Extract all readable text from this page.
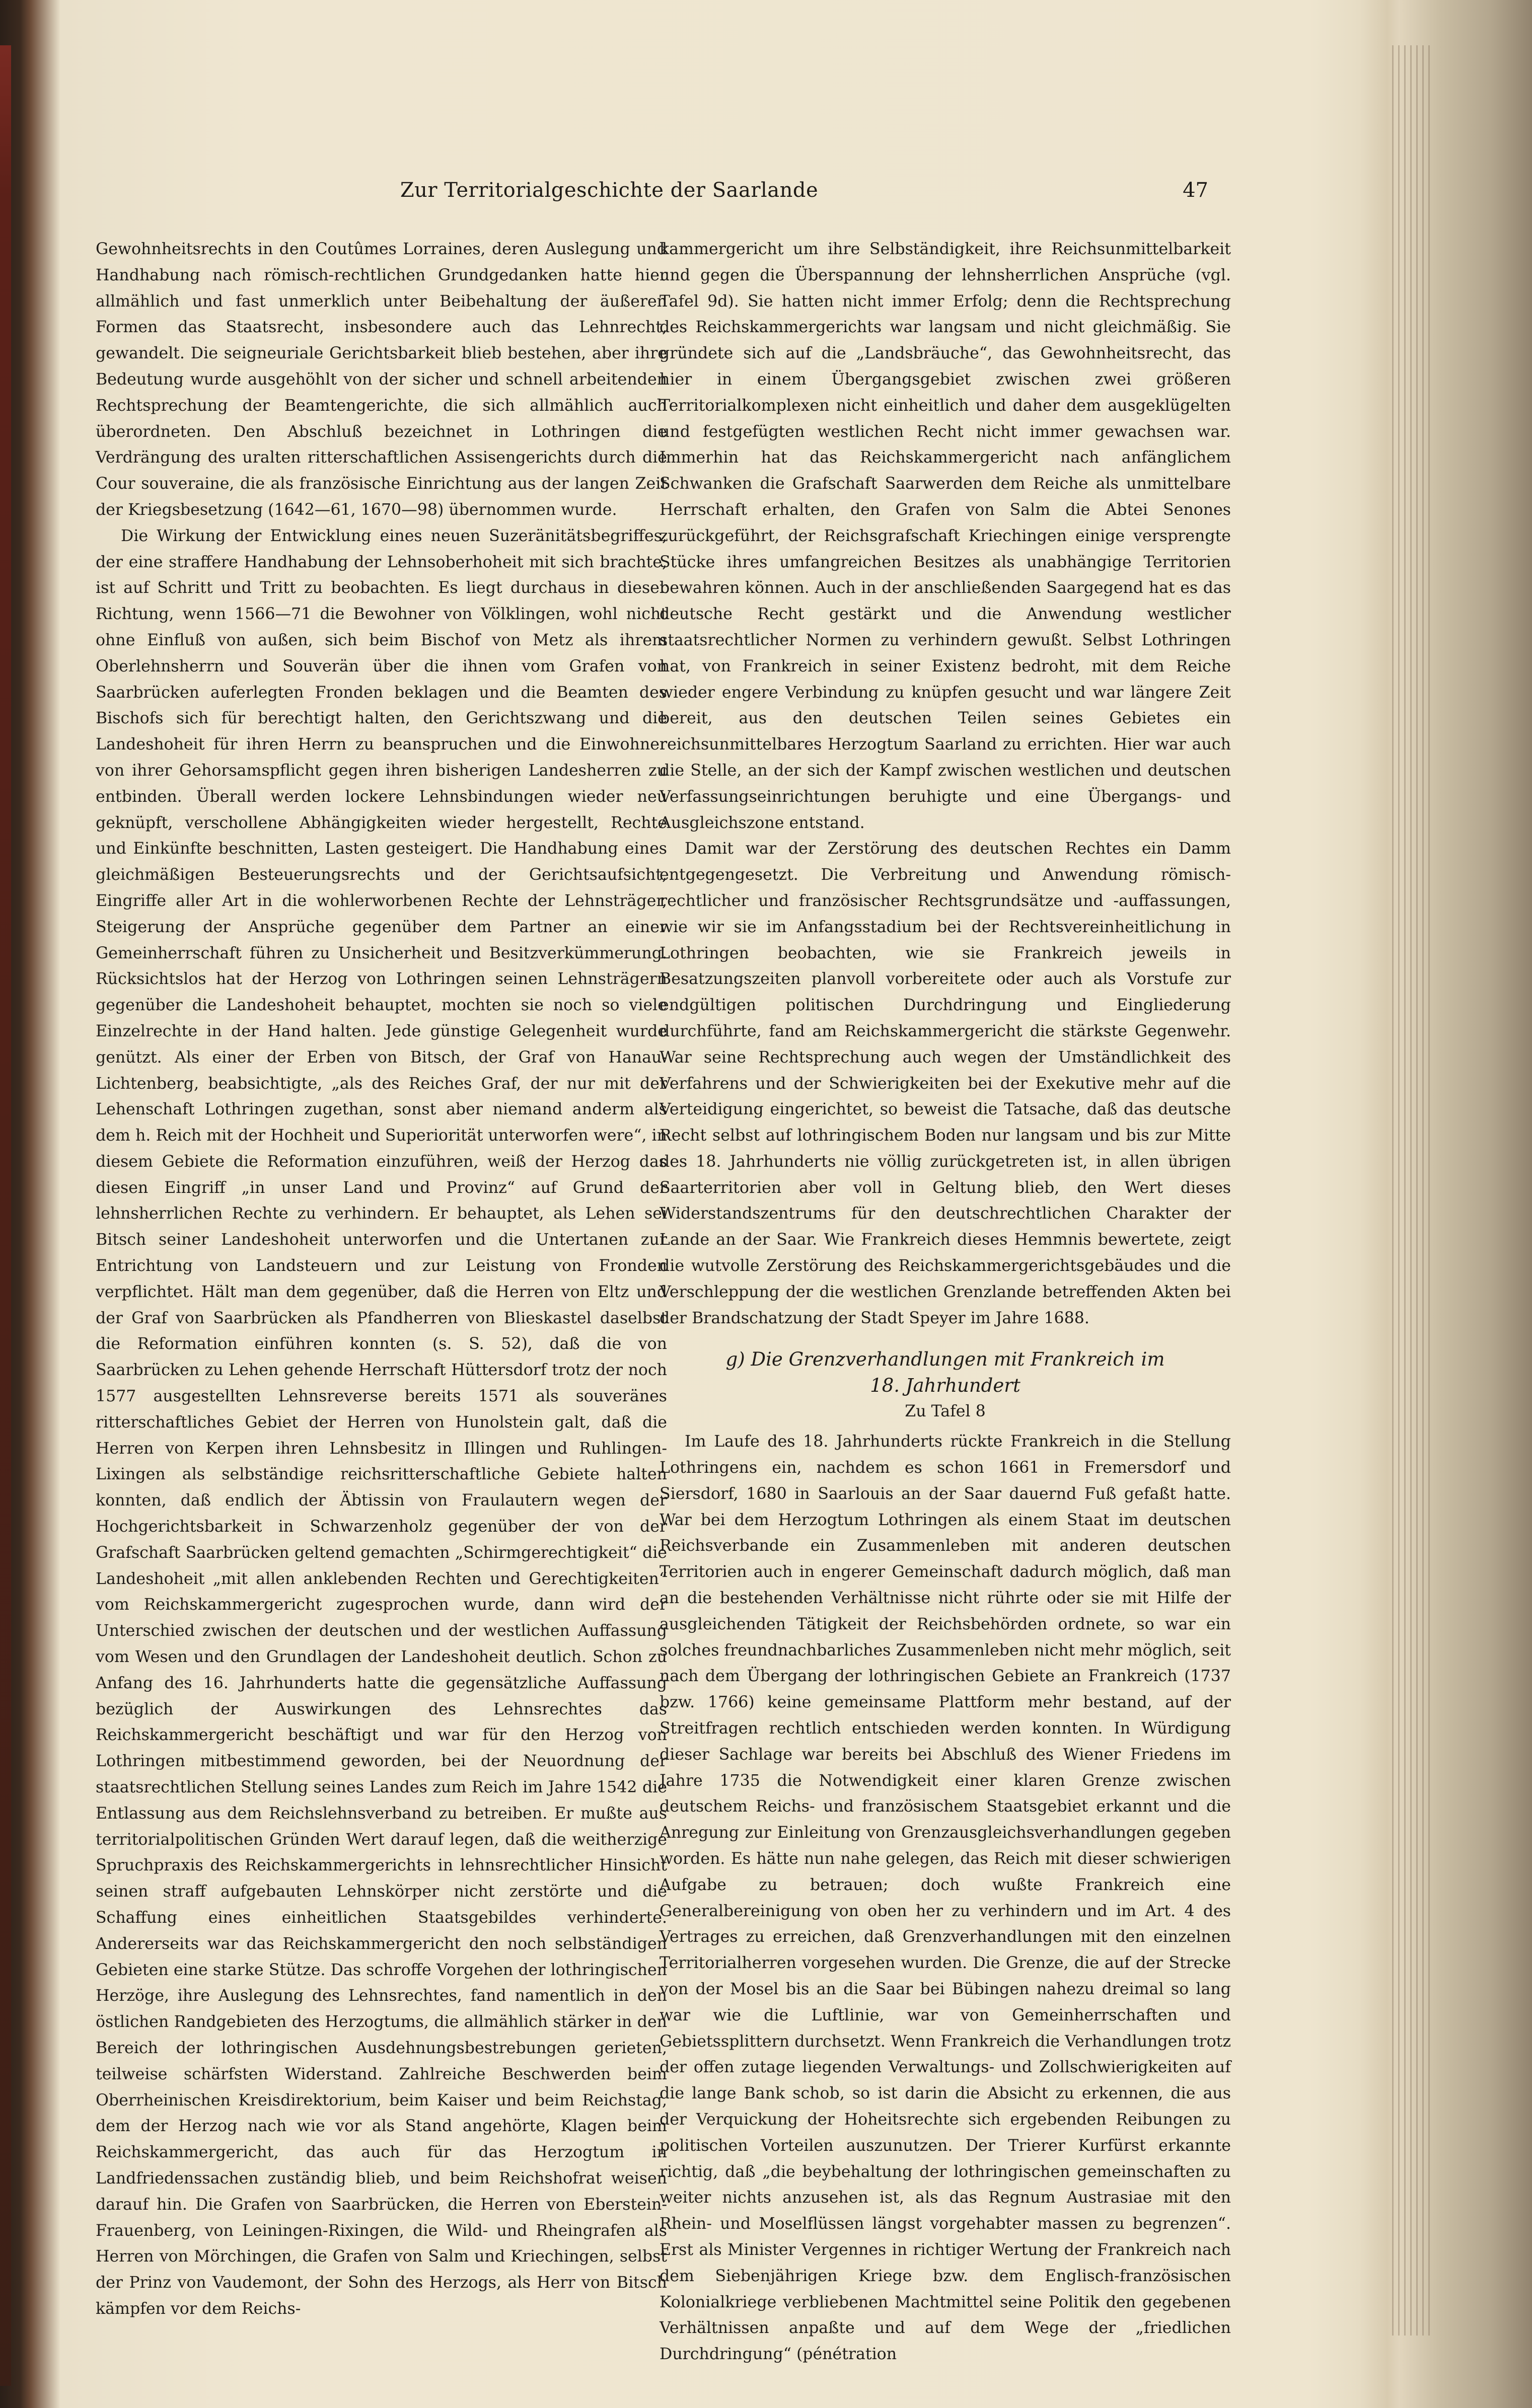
Zur Territorialgeschichte der Saarlande	47

Gewohnheitsrechts in den Coutûmes Lorraines, deren Auslegung und Handhabung nach römisch-rechtlichen Grundgedanken hatte hier allmählich und fast unmerklich unter Beibehaltung der äußeren Formen das Staatsrecht, insbesondere auch das Lehnrecht, gewandelt. Die seigneuriale Gerichtsbarkeit blieb bestehen, aber ihre Bedeutung wurde ausgehöhlt von der sicher und schnell arbeitenden Rechtsprechung der Beamtengerichte, die sich allmählich auch überordneten. Den Abschluß bezeichnet in Lothringen die Verdrängung des uralten ritterschaftlichen Assisengerichts durch die Cour souveraine, die als französische Einrichtung aus der langen Zeit der Kriegsbesetzung (1642—61, 1670—98) übernommen wurde.

Die Wirkung der Entwicklung eines neuen Suzeränitätsbegriffes, der eine straffere Handhabung der Lehnsoberhoheit mit sich brachte, ist auf Schritt und Tritt zu beobachten. Es liegt durchaus in dieser Richtung, wenn 1566—71 die Bewohner von Völklingen, wohl nicht ohne Einfluß von außen, sich beim Bischof von Metz als ihrem Oberlehnsherrn und Souverän über die ihnen vom Grafen von Saarbrücken auferlegten Fronden beklagen und die Beamten des Bischofs sich für berechtigt halten, den Gerichtszwang und die Landeshoheit für ihren Herrn zu beanspruchen und die Einwohner von ihrer Gehorsamspflicht gegen ihren bisherigen Landesherren zu entbinden. Überall werden lockere Lehnsbindungen wieder neu geknüpft, verschollene Abhängigkeiten wieder hergestellt, Rechte und Einkünfte beschnitten, Lasten gesteigert. Die Handhabung eines gleichmäßigen Besteuerungsrechts und der Gerichtsaufsicht, Eingriffe aller Art in die wohlerworbenen Rechte der Lehnsträger, Steigerung der Ansprüche gegenüber dem Partner an einer Gemeinherrschaft führen zu Unsicherheit und Besitzverkümmerung. Rücksichtslos hat der Herzog von Lothringen seinen Lehnsträgern gegenüber die Landeshoheit behauptet, mochten sie noch so viele Einzelrechte in der Hand halten. Jede günstige Gelegenheit wurde genützt. Als einer der Erben von Bitsch, der Graf von Hanau-Lichtenberg, beabsichtigte, „als des Reiches Graf, der nur mit der Lehenschaft Lothringen zugethan, sonst aber niemand anderm als dem h. Reich mit der Hochheit und Superiorität unterworfen were“, in diesem Gebiete die Reformation einzuführen, weiß der Herzog das diesen Eingriff „in unser Land und Provinz“ auf Grund der lehnsherrlichen Rechte zu verhindern. Er behauptet, als Lehen sei Bitsch seiner Landeshoheit unterworfen und die Untertanen zur Entrichtung von Landsteuern und zur Leistung von Fronden verpflichtet. Hält man dem gegenüber, daß die Herren von Eltz und der Graf von Saarbrücken als Pfandherren von Blieskastel daselbst die Reformation einführen konnten (s. S. 52), daß die von Saarbrücken zu Lehen gehende Herrschaft Hüttersdorf trotz der noch 1577 ausgestellten Lehnsreverse bereits 1571 als souveränes ritterschaftliches Gebiet der Herren von Hunolstein galt, daß die Herren von Kerpen ihren Lehnsbesitz in Illingen und Ruhlingen-Lixingen als selbständige reichsritterschaftliche Gebiete halten konnten, daß endlich der Äbtissin von Fraulautern wegen der Hochgerichtsbarkeit in Schwarzenholz gegenüber der von der Grafschaft Saarbrücken geltend gemachten „Schirmgerechtigkeit“ die Landeshoheit „mit allen anklebenden Rechten und Gerechtigkeiten“ vom Reichskammergericht zugesprochen wurde, dann wird der Unterschied zwischen der deutschen und der westlichen Auffassung vom Wesen und den Grundlagen der Landeshoheit deutlich. Schon zu Anfang des 16. Jahrhunderts hatte die gegensätzliche Auffassung bezüglich der Auswirkungen des Lehnsrechtes das Reichskammergericht beschäftigt und war für den Herzog von Lothringen mitbestimmend geworden, bei der Neuordnung der staatsrechtlichen Stellung seines Landes zum Reich im Jahre 1542 die Entlassung aus dem Reichslehnsverband zu betreiben. Er mußte aus territorialpolitischen Gründen Wert darauf legen, daß die weitherzige Spruchpraxis des Reichskammergerichts in lehnsrechtlicher Hinsicht seinen straff aufgebauten Lehnskörper nicht zerstörte und die Schaffung eines einheitlichen Staatsgebildes verhinderte. Andererseits war das Reichskammergericht den noch selbständigen Gebieten eine starke Stütze. Das schroffe Vorgehen der lothringischen Herzöge, ihre Auslegung des Lehnsrechtes, fand namentlich in den östlichen Randgebieten des Herzogtums, die allmählich stärker in den Bereich der lothringischen Ausdehnungsbestrebungen gerieten, teilweise schärfsten Widerstand. Zahlreiche Beschwerden beim Oberrheinischen Kreisdirektorium, beim Kaiser und beim Reichstag, dem der Herzog nach wie vor als Stand angehörte, Klagen beim Reichskammergericht, das auch für das Herzogtum in Landfriedenssachen zuständig blieb, und beim Reichshofrat weisen darauf hin. Die Grafen von Saarbrücken, die Herren von Eberstein-Frauenberg, von Leiningen-Rixingen, die Wild- und Rheingrafen als Herren von Mörchingen, die Grafen von Salm und Kriechingen, selbst der Prinz von Vaudemont, der Sohn des Herzogs, als Herr von Bitsch kämpfen vor dem Reichs-

kammergericht um ihre Selbständigkeit, ihre Reichsunmittelbarkeit und gegen die Überspannung der lehnsherrlichen Ansprüche (vgl. Tafel 9d). Sie hatten nicht immer Erfolg; denn die Rechtsprechung des Reichskammergerichts war langsam und nicht gleichmäßig. Sie gründete sich auf die „Landsbräuche“, das Gewohnheitsrecht, das hier in einem Übergangsgebiet zwischen zwei größeren Territorialkomplexen nicht einheitlich und daher dem ausgeklügelten und festgefügten westlichen Recht nicht immer gewachsen war. Immerhin hat das Reichskammergericht nach anfänglichem Schwanken die Grafschaft Saarwerden dem Reiche als unmittelbare Herrschaft erhalten, den Grafen von Salm die Abtei Senones zurückgeführt, der Reichsgrafschaft Kriechingen einige versprengte Stücke ihres umfangreichen Besitzes als unabhängige Territorien bewahren können. Auch in der anschließenden Saargegend hat es das deutsche Recht gestärkt und die Anwendung westlicher staatsrechtlicher Normen zu verhindern gewußt. Selbst Lothringen hat, von Frankreich in seiner Existenz bedroht, mit dem Reiche wieder engere Verbindung zu knüpfen gesucht und war längere Zeit bereit, aus den deutschen Teilen seines Gebietes ein reichsunmittelbares Herzogtum Saarland zu errichten. Hier war auch die Stelle, an der sich der Kampf zwischen westlichen und deutschen Verfassungseinrichtungen beruhigte und eine Übergangs- und Ausgleichszone entstand.

Damit war der Zerstörung des deutschen Rechtes ein Damm entgegengesetzt. Die Verbreitung und Anwendung römisch-rechtlicher und französischer Rechtsgrundsätze und -auffassungen, wie wir sie im Anfangsstadium bei der Rechtsvereinheitlichung in Lothringen beobachten, wie sie Frankreich jeweils in Besatzungszeiten planvoll vorbereitete oder auch als Vorstufe zur endgültigen politischen Durchdringung und Eingliederung durchführte, fand am Reichskammergericht die stärkste Gegenwehr. War seine Rechtsprechung auch wegen der Umständlichkeit des Verfahrens und der Schwierigkeiten bei der Exekutive mehr auf die Verteidigung eingerichtet, so beweist die Tatsache, daß das deutsche Recht selbst auf lothringischem Boden nur langsam und bis zur Mitte des 18. Jahrhunderts nie völlig zurückgetreten ist, in allen übrigen Saarterritorien aber voll in Geltung blieb, den Wert dieses Widerstandszentrums für den deutschrechtlichen Charakter der Lande an der Saar. Wie Frankreich dieses Hemmnis bewertete, zeigt die wutvolle Zerstörung des Reichskammergerichtsgebäudes und die Verschleppung der die westlichen Grenzlande betreffenden Akten bei der Brandschatzung der Stadt Speyer im Jahre 1688.

g) Die Grenzverhandlungen mit Frankreich im
18. Jahrhundert
Zu Tafel 8

Im Laufe des 18. Jahrhunderts rückte Frankreich in die Stellung Lothringens ein, nachdem es schon 1661 in Fremersdorf und Siersdorf, 1680 in Saarlouis an der Saar dauernd Fuß gefaßt hatte. War bei dem Herzogtum Lothringen als einem Staat im deutschen Reichsverbande ein Zusammenleben mit anderen deutschen Territorien auch in engerer Gemeinschaft dadurch möglich, daß man an die bestehenden Verhältnisse nicht rührte oder sie mit Hilfe der ausgleichenden Tätigkeit der Reichsbehörden ordnete, so war ein solches freundnachbarliches Zusammenleben nicht mehr möglich, seit nach dem Übergang der lothringischen Gebiete an Frankreich (1737 bzw. 1766) keine gemeinsame Plattform mehr bestand, auf der Streitfragen rechtlich entschieden werden konnten. In Würdigung dieser Sachlage war bereits bei Abschluß des Wiener Friedens im Jahre 1735 die Notwendigkeit einer klaren Grenze zwischen deutschem Reichs- und französischem Staatsgebiet erkannt und die Anregung zur Einleitung von Grenzausgleichsverhandlungen gegeben worden. Es hätte nun nahe gelegen, das Reich mit dieser schwierigen Aufgabe zu betrauen; doch wußte Frankreich eine Generalbereinigung von oben her zu verhindern und im Art. 4 des Vertrages zu erreichen, daß Grenzverhandlungen mit den einzelnen Territorialherren vorgesehen wurden. Die Grenze, die auf der Strecke von der Mosel bis an die Saar bei Bübingen nahezu dreimal so lang war wie die Luftlinie, war von Gemeinherrschaften und Gebietssplittern durchsetzt. Wenn Frankreich die Verhandlungen trotz der offen zutage liegenden Verwaltungs- und Zollschwierigkeiten auf die lange Bank schob, so ist darin die Absicht zu erkennen, die aus der Verquickung der Hoheitsrechte sich ergebenden Reibungen zu politischen Vorteilen auszunutzen. Der Trierer Kurfürst erkannte richtig, daß „die beybehaltung der lothringischen gemeinschaften zu weiter nichts anzusehen ist, als das Regnum Austrasiae mit den Rhein- und Moselflüssen längst vorgehabter massen zu begrenzen“. Erst als Minister Vergennes in richtiger Wertung der Frankreich nach dem Siebenjährigen Kriege bzw. dem Englisch-französischen Kolonialkriege verbliebenen Machtmittel seine Politik den gegebenen Verhältnissen anpaßte und auf dem Wege der „friedlichen Durchdringung“ (pénétration
